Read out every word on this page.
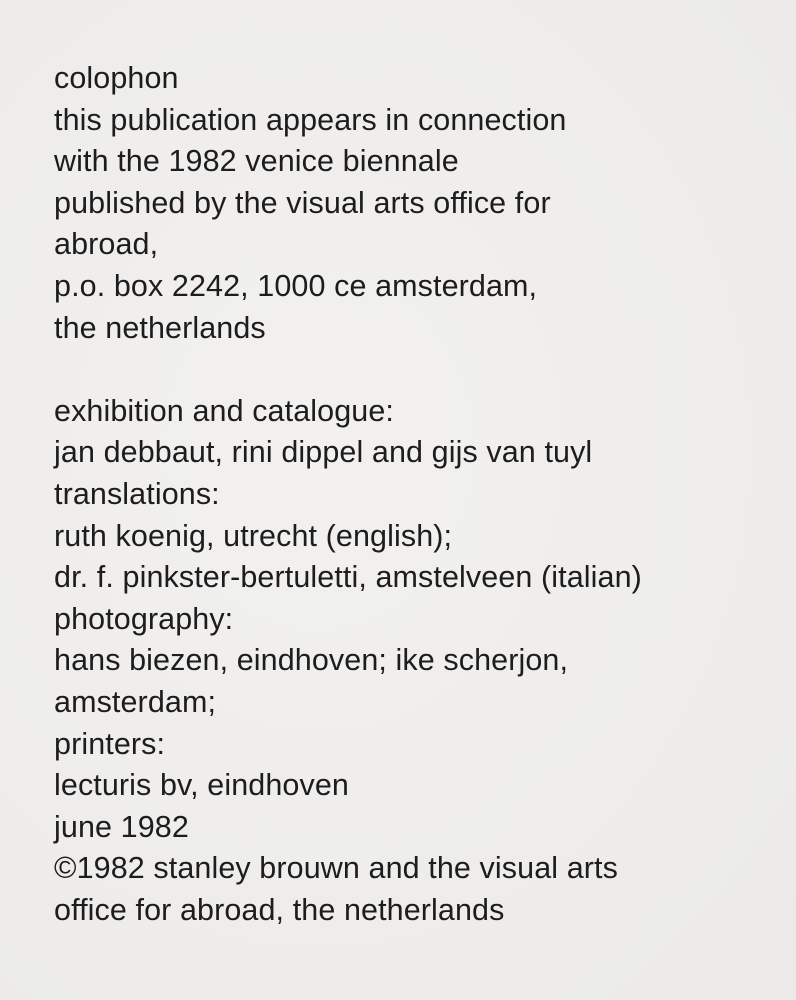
colophon
this publication appears in connection
with the 1982 venice biennale
published by the visual arts office for
abroad,
p.o. box 2242, 1000 ce amsterdam,
the netherlands
exhibition and catalogue:
jan debbaut, rini dippel and gijs van tuyl
translations:
ruth koenig, utrecht (english);
dr. f. pinkster-bertuletti, amstelveen (italian)
photography:
hans biezen, eindhoven; ike scherjon,
amsterdam;
printers:
lecturis bv, eindhoven
june 1982
©1982 stanley brouwn and the visual arts
office for abroad, the netherlands
